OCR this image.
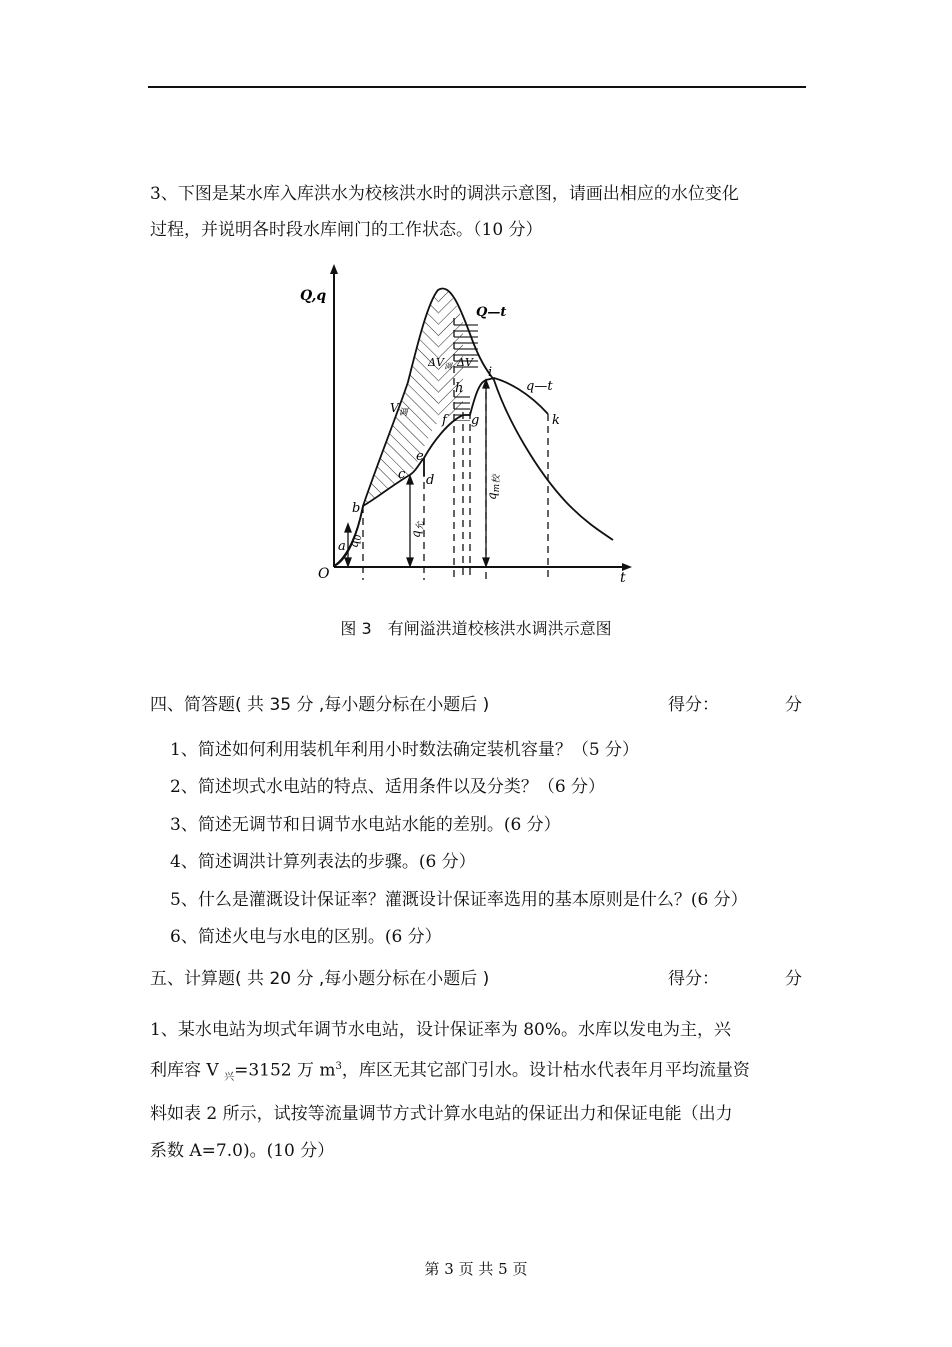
3、下图是某水库入库洪水为校核洪水时的调洪示意图，请画出相应的水位变化
过程，并说明各时段水库闸门的工作状态。（10 分）

Q,q
t
O
Q—t
q—t
a
b
c d
e
f g
h
i
k
$V_调$
$\Delta V_调$ ΔV
$q_0$	$q_允$
$q_{m校}$
图 3　有闸溢洪道校核洪水调洪示意图
四、简答题( 共 35 分 ,每小题分标在小题后 )	得分：	分
1、简述如何利用装机年利用小时数法确定装机容量？（5 分）
2、简述坝式水电站的特点、适用条件以及分类？（6 分）
3、简述无调节和日调节水电站水能的差别。(6 分）
4、简述调洪计算列表法的步骤。(6 分）
5、什么是灌溉设计保证率？灌溉设计保证率选用的基本原则是什么？(6 分）
6、简述火电与水电的区别。(6 分）
五、计算题( 共 20 分 ,每小题分标在小题后 )	得分：	分

1、某水电站为坝式年调节水电站，设计保证率为 80%。水库以发电为主，兴
利库容 V $_兴$=3152 万 $m^3$，库区无其它部门引水。设计枯水代表年月平均流量资
料如表 2 所示，试按等流量调节方式计算水电站的保证出力和保证电能（出力
系数 A=7.0)。(10 分）

第 3 页 共 5 页
